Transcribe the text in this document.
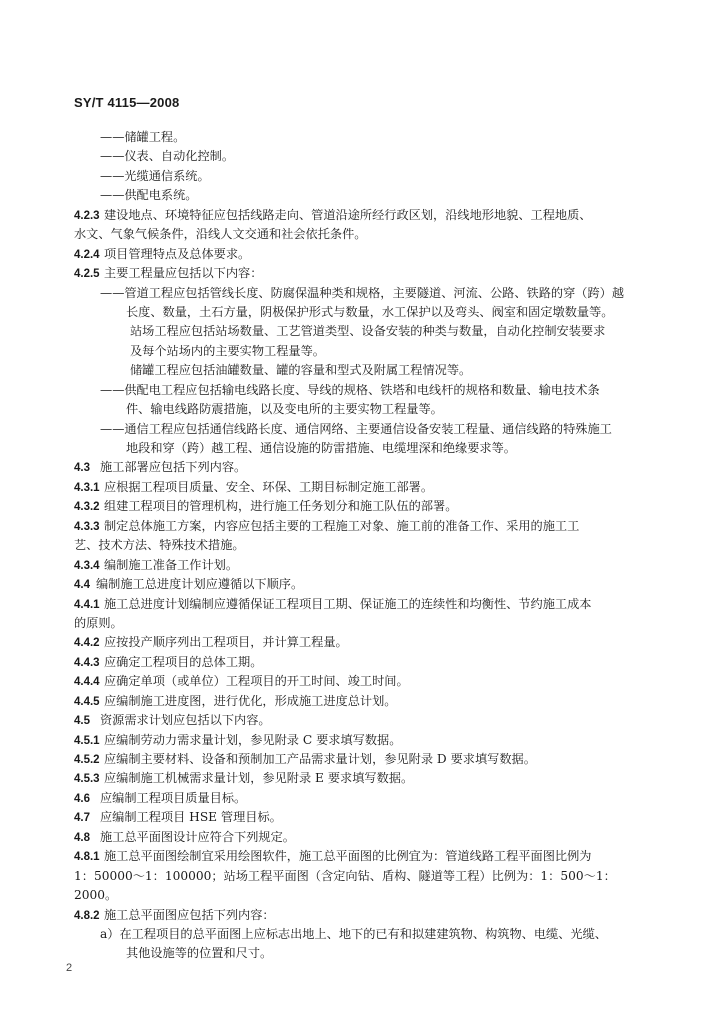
SY/T 4115—2008
——储罐工程。
——仪表、自动化控制。
——光缆通信系统。
——供配电系统。
4.2.3 建设地点、环境特征应包括线路走向、管道沿途所经行政区划，沿线地形地貌、工程地质、
水文、气象气候条件，沿线人文交通和社会依托条件。
4.2.4 项目管理特点及总体要求。
4.2.5 主要工程量应包括以下内容：
——管道工程应包括管线长度、防腐保温种类和规格，主要隧道、河流、公路、铁路的穿（跨）越
长度、数量，土石方量，阴极保护形式与数量，水工保护以及弯头、阀室和固定墩数量等。
站场工程应包括站场数量、工艺管道类型、设备安装的种类与数量，自动化控制安装要求
及每个站场内的主要实物工程量等。
储罐工程应包括油罐数量、罐的容量和型式及附属工程情况等。
——供配电工程应包括输电线路长度、导线的规格、铁塔和电线杆的规格和数量、输电技术条
件、输电线路防震措施，以及变电所的主要实物工程量等。
——通信工程应包括通信线路长度、通信网络、主要通信设备安装工程量、通信线路的特殊施工
地段和穿（跨）越工程、通信设施的防雷措施、电缆埋深和绝缘要求等。
4.3 施工部署应包括下列内容。
4.3.1 应根据工程项目质量、安全、环保、工期目标制定施工部署。
4.3.2 组建工程项目的管理机构，进行施工任务划分和施工队伍的部署。
4.3.3 制定总体施工方案，内容应包括主要的工程施工对象、施工前的准备工作、采用的施工工
艺、技术方法、特殊技术措施。
4.3.4 编制施工准备工作计划。
4.4 编制施工总进度计划应遵循以下顺序。
4.4.1 施工总进度计划编制应遵循保证工程项目工期、保证施工的连续性和均衡性、节约施工成本
的原则。
4.4.2 应按投产顺序列出工程项目，并计算工程量。
4.4.3 应确定工程项目的总体工期。
4.4.4 应确定单项（或单位）工程项目的开工时间、竣工时间。
4.4.5 应编制施工进度图，进行优化，形成施工进度总计划。
4.5 资源需求计划应包括以下内容。
4.5.1 应编制劳动力需求量计划，参见附录 C 要求填写数据。
4.5.2 应编制主要材料、设备和预制加工产品需求量计划，参见附录 D 要求填写数据。
4.5.3 应编制施工机械需求量计划，参见附录 E 要求填写数据。
4.6 应编制工程项目质量目标。
4.7 应编制工程项目 HSE 管理目标。
4.8 施工总平面图设计应符合下列规定。
4.8.1 施工总平面图绘制宜采用绘图软件，施工总平面图的比例宜为：管道线路工程平面图比例为
1：50000～1：100000；站场工程平面图（含定向钻、盾构、隧道等工程）比例为：1：500～1：
2000。
4.8.2 施工总平面图应包括下列内容：
a）在工程项目的总平面图上应标志出地上、地下的已有和拟建建筑物、构筑物、电缆、光缆、
其他设施等的位置和尺寸。
2
